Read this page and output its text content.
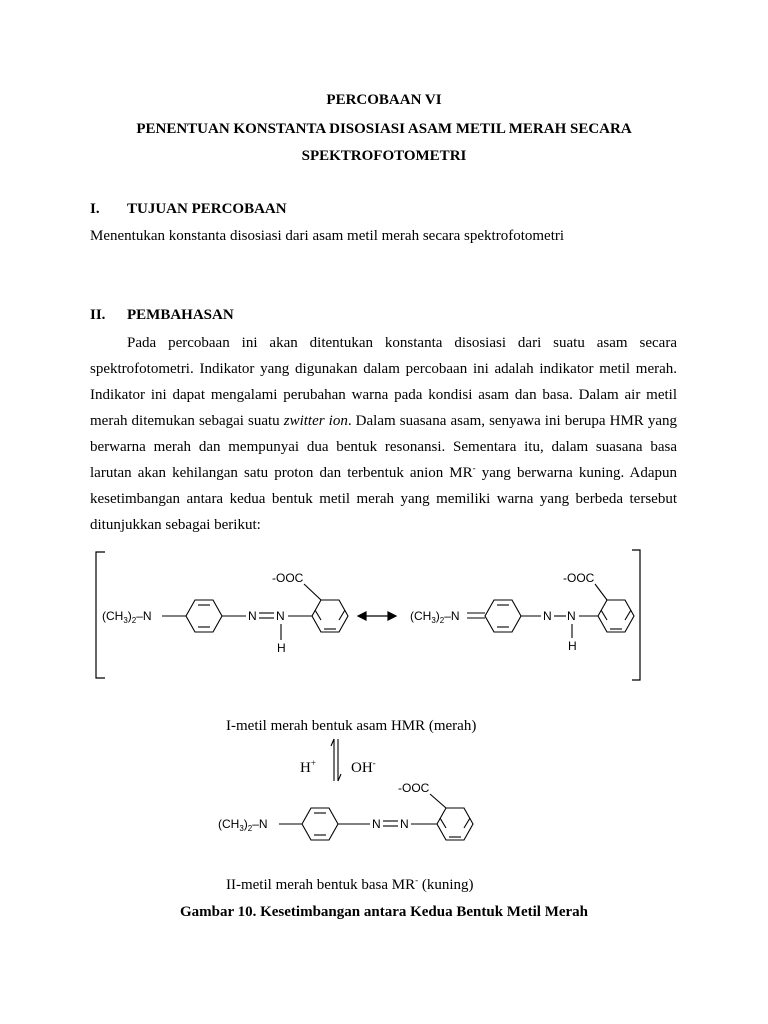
PERCOBAAN VI
PENENTUAN KONSTANTA DISOSIASI ASAM METIL MERAH SECARA
SPEKTROFOTOMETRI
I. TUJUAN PERCOBAAN
Menentukan konstanta disosiasi dari asam metil merah secara spektrofotometri
II. PEMBAHASAN
Pada percobaan ini akan ditentukan konstanta disosiasi dari suatu asam secara
spektrofotometri. Indikator yang digunakan dalam percobaan ini adalah indikator metil merah.
Indikator ini dapat mengalami perubahan warna pada kondisi asam dan basa. Dalam air metil
merah ditemukan sebagai suatu zwitter ion. Dalam suasana asam, senyawa ini berupa HMR yang
berwarna merah dan mempunyai dua bentuk resonansi. Sementara itu, dalam suasana basa
larutan akan kehilangan satu proton dan terbentuk anion MR- yang berwarna kuning. Adapun
kesetimbangan antara kedua bentuk metil merah yang memiliki warna yang berbeda tersebut
ditunjukkan sebagai berikut:
$(CH_3)_2-N$	N N
H
-OOC
$(CH_3)_2-N$	N N
H
-OOC
I-metil merah bentuk asam HMR (merah)
H+ OH-
$(CH_3)_2-N$	N N
-OOC
II-metil merah bentuk basa MR- (kuning)
Gambar 10. Kesetimbangan antara Kedua Bentuk Metil Merah
